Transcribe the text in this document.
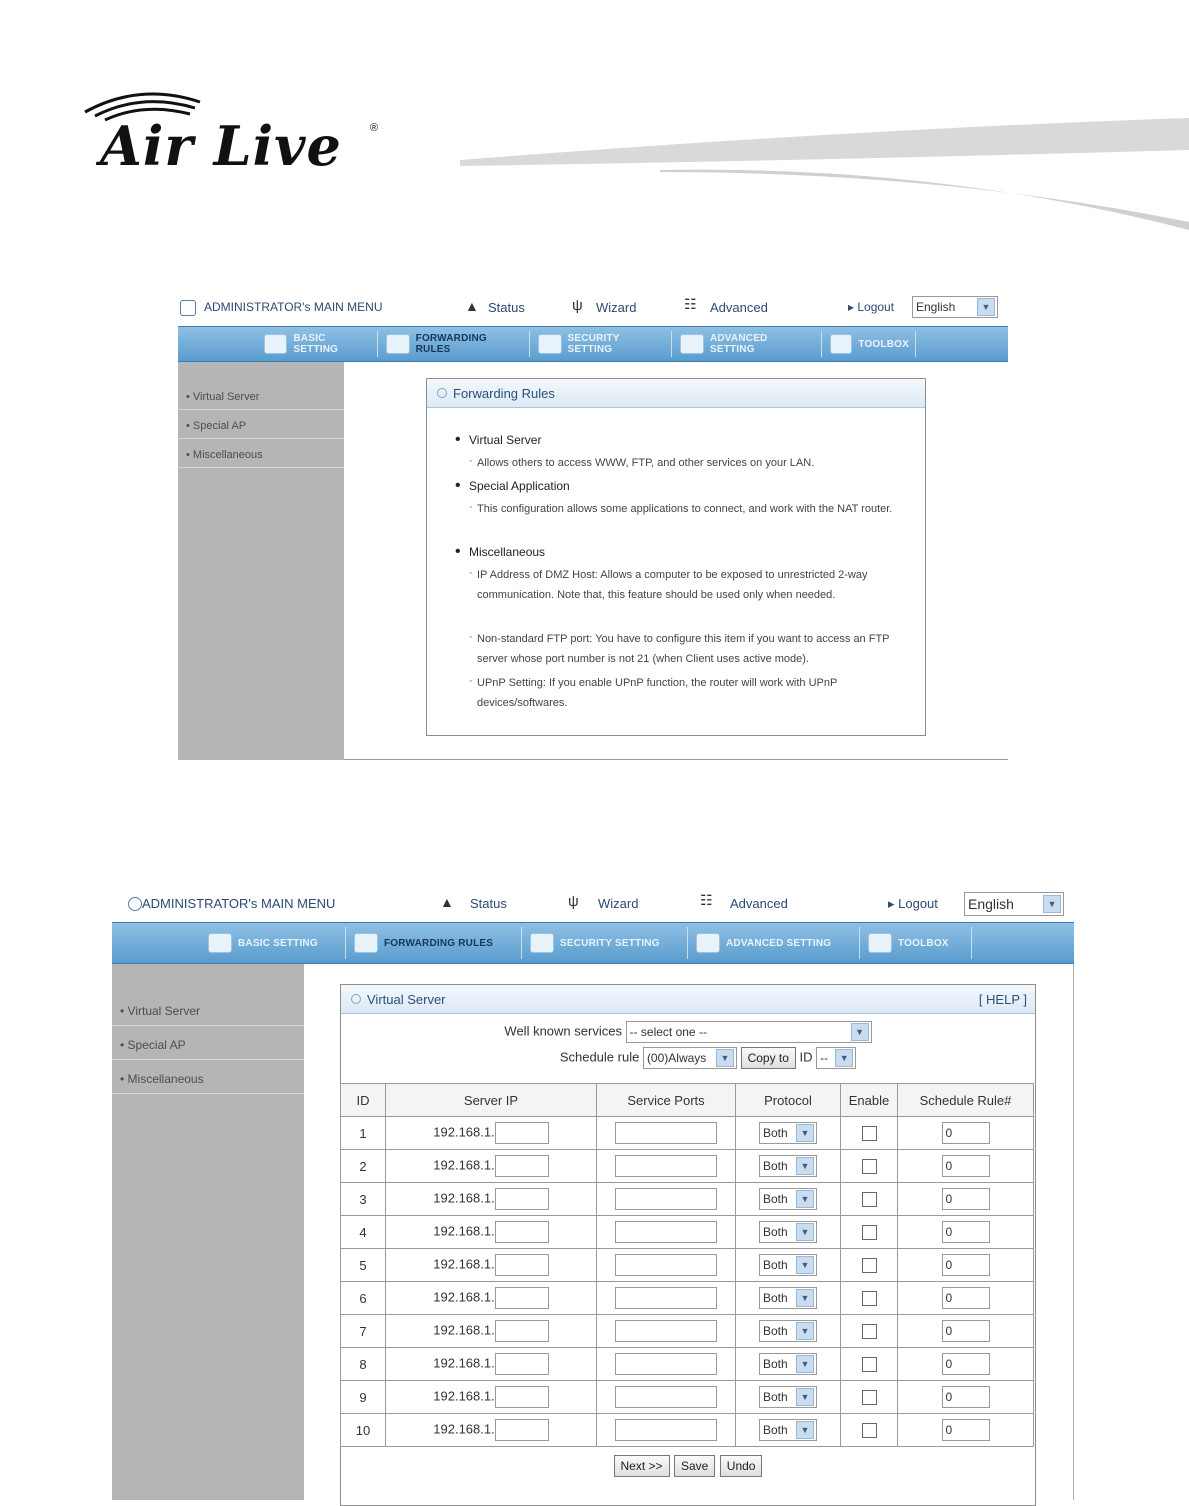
Air Live	®
ADMINISTRATOR's MAIN MENU	▲ Status	ψ Wizard	☷ Advanced	▸ Logout English	▼
BASIC SETTING
FORWARDING RULES
SECURITY SETTING
ADVANCED SETTING	TOOLBOX
• Virtual Server
• Special AP
• Miscellaneous
Forwarding Rules
• Virtual Server
· Allows others to access WWW, FTP, and other services on your LAN.
• Special Application
· This configuration allows some applications to connect, and work with the NAT router.
• Miscellaneous
· IP Address of DMZ Host: Allows a computer to be exposed to unrestricted 2-way communication. Note that, this feature should be used only when needed.
· Non-standard FTP port: You have to configure this item if you want to access an FTP server whose port number is not 21 (when Client uses active mode).
· UPnP Setting: If you enable UPnP function, the router will work with UPnP devices/softwares.
ADMINISTRATOR's MAIN MENU	▲ Status	ψ Wizard	☷ Advanced	▸ Logout English	▼
BASIC SETTING	FORWARDING RULES	SECURITY SETTING	ADVANCED SETTING	TOOLBOX
• Virtual Server
• Special AP
• Miscellaneous
Virtual Server	[ HELP ]
Well known services -- select one --	▼
Schedule rule (00)Always	▼	Copy to ID --	▼
ID	Server IP	Service Ports	Protocol	Enable	Schedule Rule#
1	192.168.1.		Both ▼		0
2	192.168.1.		Both ▼		0
3	192.168.1.		Both ▼		0
4	192.168.1.		Both ▼		0
5	192.168.1.		Both ▼		0
6	192.168.1.		Both ▼		0
7	192.168.1.		Both ▼		0
8	192.168.1.		Both ▼		0
9	192.168.1.		Both ▼		0
10	192.168.1.		Both ▼		0
Next >> Save Undo
